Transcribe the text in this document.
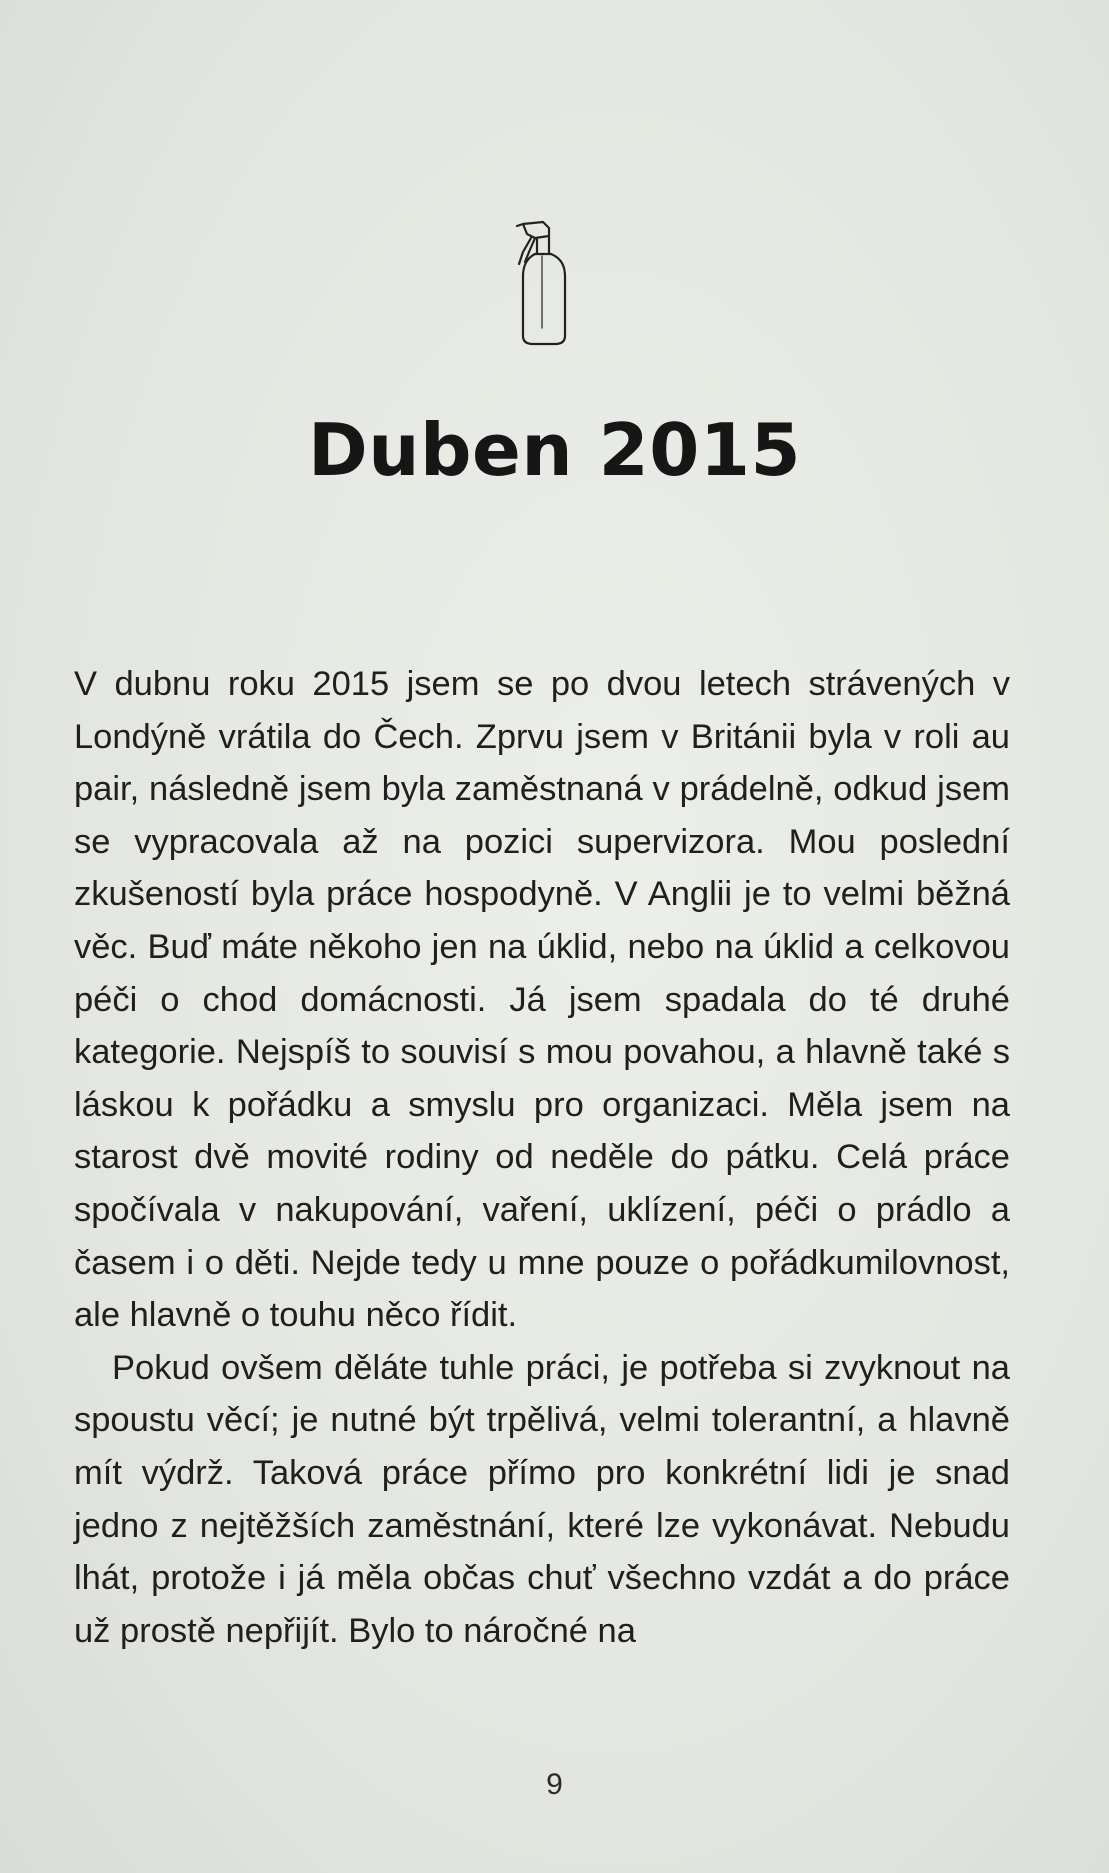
Duben 2015

V dubnu roku 2015 jsem se po dvou letech strávených v Londýně vrátila do Čech. Zprvu jsem v Británii byla v roli au pair, následně jsem byla zaměstnaná v prádelně, odkud jsem se vypracovala až na pozici supervizora. Mou poslední zkušeností byla práce hospodyně. V Anglii je to velmi běžná věc. Buď máte někoho jen na úklid, nebo na úklid a celkovou péči o chod domácnosti. Já jsem spadala do té druhé kategorie. Nejspíš to souvisí s mou povahou, a hlavně také s láskou k pořádku a smyslu pro organizaci. Měla jsem na starost dvě movité rodiny od neděle do pátku. Celá práce spočívala v nakupování, vaření, uklízení, péči o prádlo a časem i o děti. Nejde tedy u mne pouze o pořádkumilovnost, ale hlavně o touhu něco řídit.

Pokud ovšem děláte tuhle práci, je potřeba si zvyknout na spoustu věcí; je nutné být trpělivá, velmi tolerantní, a hlavně mít výdrž. Taková práce přímo pro konkrétní lidi je snad jedno z nejtěžších zaměstnání, které lze vykonávat. Nebudu lhát, protože i já měla občas chuť všechno vzdát a do práce už prostě nepřijít. Bylo to náročné na

9
